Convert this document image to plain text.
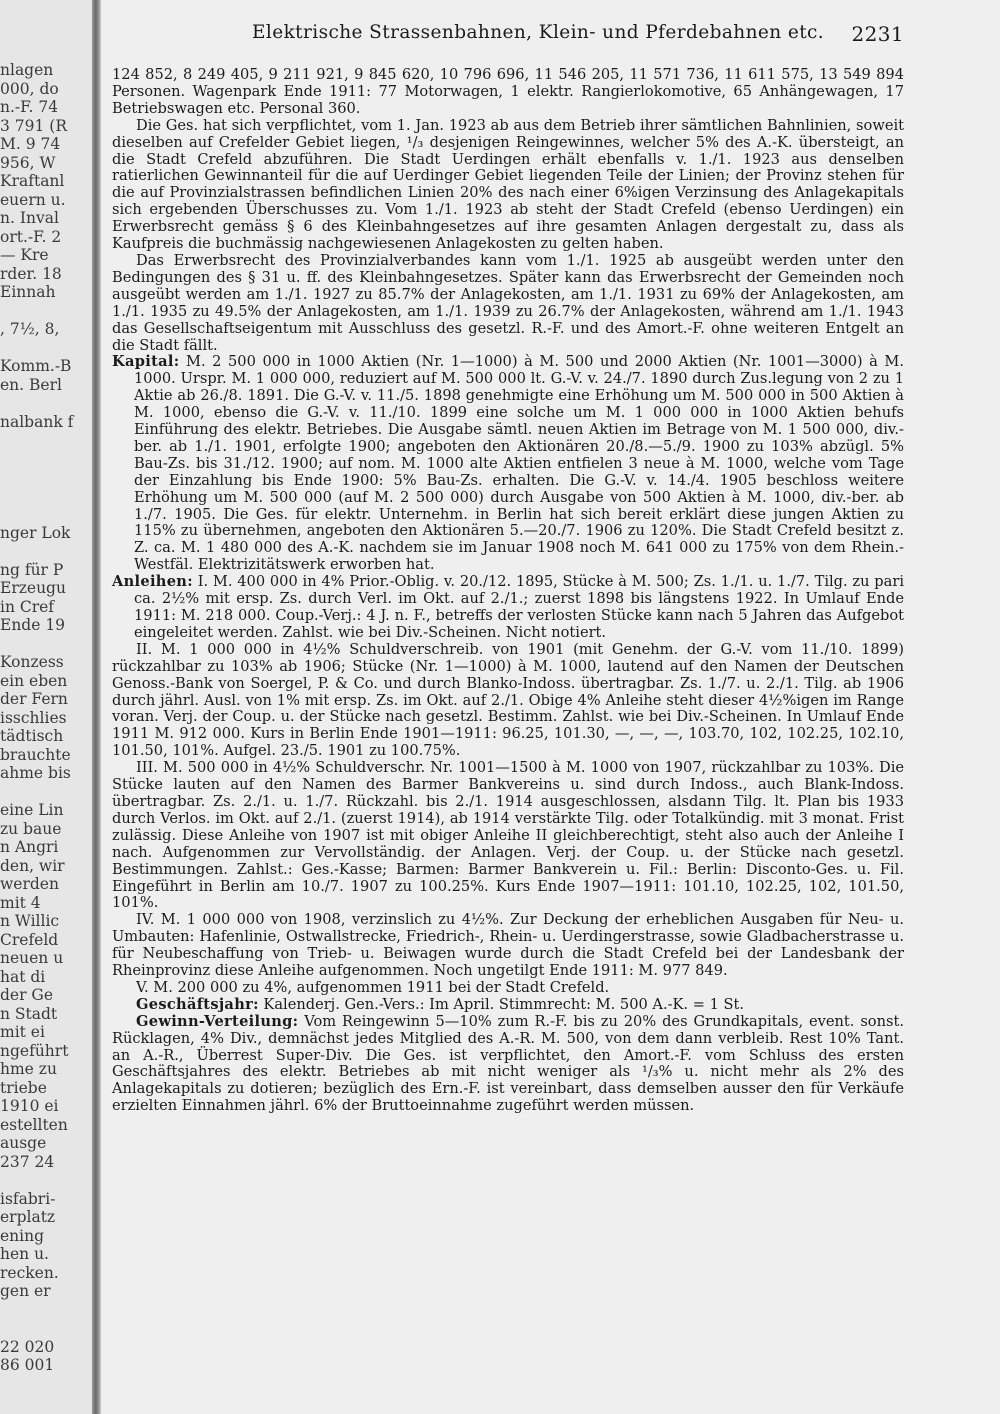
nlagen
000, do
n.-F. 74
3 791 (R
M. 9 74
956, W
Kraftanl
euern u.
n. Inval
ort.-F. 2
— Kre
rder. 18
Einnah
, 7½, 8,
Komm.-B
en. Berl
nalbank f
nger Lok
ng für P
Erzeugu
in Cref
Ende 19
Konzess
ein eben
der Fern
isschlies
tädtisch
brauchte
ahme bis
eine Lin
zu baue
n Angri
den, wir
werden
mit 4
n Willic
Crefeld
neuen u
hat di
der Ge
n Stadt
mit ei
ngeführt
hme zu
triebe
1910 ei
estellten
ausge
237 24
isfabri-
erplatz
ening
hen u.
recken.
gen er
22 020
86 001
Elektrische Strassenbahnen, Klein- und Pferdebahnen etc. 2231

124 852, 8 249 405, 9 211 921, 9 845 620, 10 796 696, 11 546 205, 11 571 736, 11 611 575, 13 549 894 Personen. Wagenpark Ende 1911: 77 Motorwagen, 1 elektr. Rangierlokomotive, 65 Anhängewagen, 17 Betriebswagen etc. Personal 360.

Die Ges. hat sich verpflichtet, vom 1. Jan. 1923 ab aus dem Betrieb ihrer sämtlichen Bahnlinien, soweit dieselben auf Crefelder Gebiet liegen, ¹/₃ desjenigen Reingewinnes, welcher 5% des A.-K. übersteigt, an die Stadt Crefeld abzuführen. Die Stadt Uerdingen erhält ebenfalls v. 1./1. 1923 aus denselben ratierlichen Gewinnanteil für die auf Uerdinger Gebiet liegenden Teile der Linien; der Provinz stehen für die auf Provinzialstrassen befindlichen Linien 20% des nach einer 6%igen Verzinsung des Anlagekapitals sich ergebenden Überschusses zu. Vom 1./1. 1923 ab steht der Stadt Crefeld (ebenso Uerdingen) ein Erwerbsrecht gemäss § 6 des Kleinbahngesetzes auf ihre gesamten Anlagen dergestalt zu, dass als Kaufpreis die buchmässig nachgewiesenen Anlagekosten zu gelten haben.

Das Erwerbsrecht des Provinzialverbandes kann vom 1./1. 1925 ab ausgeübt werden unter den Bedingungen des § 31 u. ff. des Kleinbahngesetzes. Später kann das Erwerbsrecht der Gemeinden noch ausgeübt werden am 1./1. 1927 zu 85.7% der Anlagekosten, am 1./1. 1931 zu 69% der Anlagekosten, am 1./1. 1935 zu 49.5% der Anlagekosten, am 1./1. 1939 zu 26.7% der Anlagekosten, während am 1./1. 1943 das Gesellschaftseigentum mit Ausschluss des gesetzl. R.-F. und des Amort.-F. ohne weiteren Entgelt an die Stadt fällt.

Kapital: M. 2 500 000 in 1000 Aktien (Nr. 1—1000) à M. 500 und 2000 Aktien (Nr. 1001—3000) à M. 1000. Urspr. M. 1 000 000, reduziert auf M. 500 000 lt. G.-V. v. 24./7. 1890 durch Zus.legung von 2 zu 1 Aktie ab 26./8. 1891. Die G.-V. v. 11./5. 1898 genehmigte eine Erhöhung um M. 500 000 in 500 Aktien à M. 1000, ebenso die G.-V. v. 11./10. 1899 eine solche um M. 1 000 000 in 1000 Aktien behufs Einführung des elektr. Betriebes. Die Ausgabe sämtl. neuen Aktien im Betrage von M. 1 500 000, div.-ber. ab 1./1. 1901, erfolgte 1900; angeboten den Aktionären 20./8.—5./9. 1900 zu 103% abzügl. 5% Bau-Zs. bis 31./12. 1900; auf nom. M. 1000 alte Aktien entfielen 3 neue à M. 1000, welche vom Tage der Einzahlung bis Ende 1900: 5% Bau-Zs. erhalten. Die G.-V. v. 14./4. 1905 beschloss weitere Erhöhung um M. 500 000 (auf M. 2 500 000) durch Ausgabe von 500 Aktien à M. 1000, div.-ber. ab 1./7. 1905. Die Ges. für elektr. Unternehm. in Berlin hat sich bereit erklärt diese jungen Aktien zu 115% zu übernehmen, angeboten den Aktionären 5.—20./7. 1906 zu 120%. Die Stadt Crefeld besitzt z. Z. ca. M. 1 480 000 des A.-K. nachdem sie im Januar 1908 noch M. 641 000 zu 175% von dem Rhein.-Westfäl. Elektrizitätswerk erworben hat.

Anleihen: I. M. 400 000 in 4% Prior.-Oblig. v. 20./12. 1895, Stücke à M. 500; Zs. 1./1. u. 1./7. Tilg. zu pari ca. 2½% mit ersp. Zs. durch Verl. im Okt. auf 2./1.; zuerst 1898 bis längstens 1922. In Umlauf Ende 1911: M. 218 000. Coup.-Verj.: 4 J. n. F., betreffs der verlosten Stücke kann nach 5 Jahren das Aufgebot eingeleitet werden. Zahlst. wie bei Div.-Scheinen. Nicht notiert.

II. M. 1 000 000 in 4½% Schuldverschreib. von 1901 (mit Genehm. der G.-V. vom 11./10. 1899) rückzahlbar zu 103% ab 1906; Stücke (Nr. 1—1000) à M. 1000, lautend auf den Namen der Deutschen Genoss.-Bank von Soergel, P. & Co. und durch Blanko-Indoss. übertragbar. Zs. 1./7. u. 2./1. Tilg. ab 1906 durch jährl. Ausl. von 1% mit ersp. Zs. im Okt. auf 2./1. Obige 4% Anleihe steht dieser 4½%igen im Range voran. Verj. der Coup. u. der Stücke nach gesetzl. Bestimm. Zahlst. wie bei Div.-Scheinen. In Umlauf Ende 1911 M. 912 000. Kurs in Berlin Ende 1901—1911: 96.25, 101.30, —, —, —, 103.70, 102, 102.25, 102.10, 101.50, 101%. Aufgel. 23./5. 1901 zu 100.75%.

III. M. 500 000 in 4½% Schuldverschr. Nr. 1001—1500 à M. 1000 von 1907, rückzahlbar zu 103%. Die Stücke lauten auf den Namen des Barmer Bankvereins u. sind durch Indoss., auch Blank-Indoss. übertragbar. Zs. 2./1. u. 1./7. Rückzahl. bis 2./1. 1914 ausgeschlossen, alsdann Tilg. lt. Plan bis 1933 durch Verlos. im Okt. auf 2./1. (zuerst 1914), ab 1914 verstärkte Tilg. oder Totalkündig. mit 3 monat. Frist zulässig. Diese Anleihe von 1907 ist mit obiger Anleihe II gleichberechtigt, steht also auch der Anleihe I nach. Aufgenommen zur Vervollständig. der Anlagen. Verj. der Coup. u. der Stücke nach gesetzl. Bestimmungen. Zahlst.: Ges.-Kasse; Barmen: Barmer Bankverein u. Fil.: Berlin: Disconto-Ges. u. Fil. Eingeführt in Berlin am 10./7. 1907 zu 100.25%. Kurs Ende 1907—1911: 101.10, 102.25, 102, 101.50, 101%.

IV. M. 1 000 000 von 1908, verzinslich zu 4½%. Zur Deckung der erheblichen Ausgaben für Neu- u. Umbauten: Hafenlinie, Ostwallstrecke, Friedrich-, Rhein- u. Uerdingerstrasse, sowie Gladbacherstrasse u. für Neubeschaffung von Trieb- u. Beiwagen wurde durch die Stadt Crefeld bei der Landesbank der Rheinprovinz diese Anleihe aufgenommen. Noch ungetilgt Ende 1911: M. 977 849.

V. M. 200 000 zu 4%, aufgenommen 1911 bei der Stadt Crefeld.

Geschäftsjahr: Kalenderj. Gen.-Vers.: Im April. Stimmrecht: M. 500 A.-K. = 1 St.

Gewinn-Verteilung: Vom Reingewinn 5—10% zum R.-F. bis zu 20% des Grundkapitals, event. sonst. Rücklagen, 4% Div., demnächst jedes Mitglied des A.-R. M. 500, von dem dann verbleib. Rest 10% Tant. an A.-R., Überrest Super-Div. Die Ges. ist verpflichtet, den Amort.-F. vom Schluss des ersten Geschäftsjahres des elektr. Betriebes ab mit nicht weniger als ¹/₃% u. nicht mehr als 2% des Anlagekapitals zu dotieren; bezüglich des Ern.-F. ist vereinbart, dass demselben ausser den für Verkäufe erzielten Einnahmen jährl. 6% der Bruttoeinnahme zugeführt werden müssen.
